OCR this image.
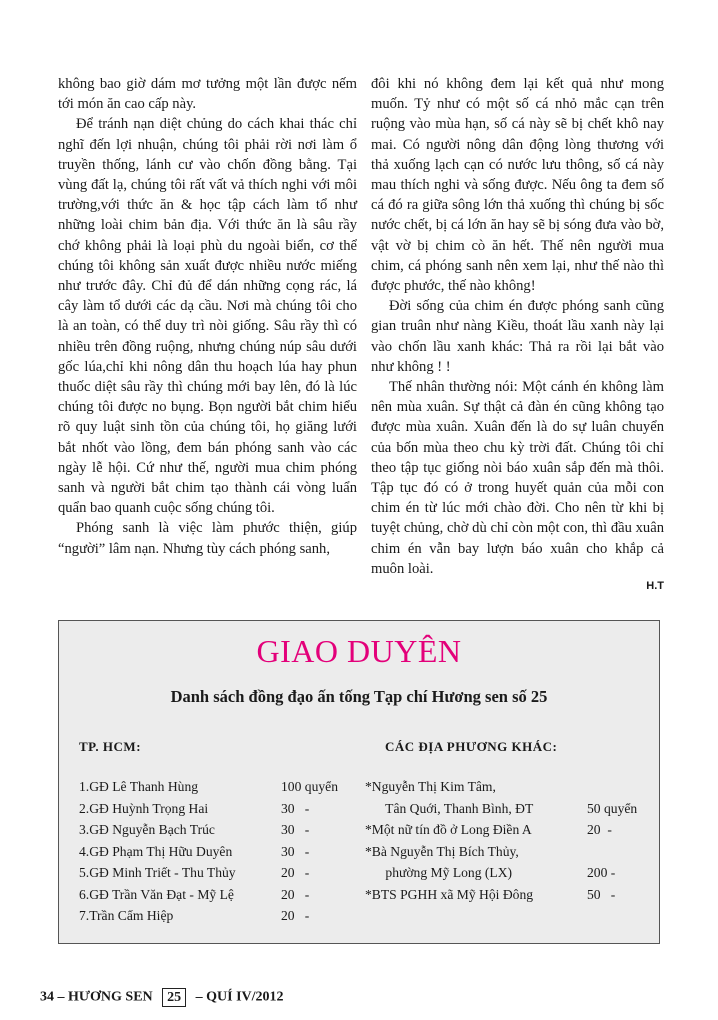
không bao giờ dám mơ tưởng một lần được nếm tới món ăn cao cấp này.

Để tránh nạn diệt chủng do cách khai thác chỉ nghĩ đến lợi nhuận, chúng tôi phải rời nơi làm ổ truyền thống, lánh cư vào chốn đồng bằng. Tại vùng đất lạ, chúng tôi rất vất vả thích nghi với môi trường,với thức ăn & học tập cách làm tổ như những loài chim bản địa. Với thức ăn là sâu rầy chớ không phải là loại phù du ngoài biển, cơ thể chúng tôi không sản xuất được nhiều nước miếng như trước đây. Chỉ đủ để dán những cọng rác, lá cây làm tổ dưới các dạ cầu. Nơi mà chúng tôi cho là an toàn, có thể duy trì nòi giống. Sâu rầy thì có nhiều trên đồng ruộng, nhưng chúng núp sâu dưới gốc lúa,chỉ khi nông dân thu hoạch lúa hay phun thuốc diệt sâu rầy thì chúng mới bay lên, đó là lúc chúng tôi được no bụng. Bọn người bắt chim hiểu rõ quy luật sinh tồn của chúng tôi, họ giăng lưới bắt nhốt vào lồng, đem bán phóng sanh vào các ngày lễ hội. Cứ như thế, người mua chim phóng sanh và người bắt chim tạo thành cái vòng luẩn quẩn bao quanh cuộc sống chúng tôi.

Phóng sanh là việc làm phước thiện, giúp “người” lâm nạn. Nhưng tùy cách phóng sanh,

đôi khi nó không đem lại kết quả như mong muốn. Tỷ như có một số cá nhỏ mắc cạn trên ruộng vào mùa hạn, số cá này sẽ bị chết khô nay mai. Có người nông dân động lòng thương với thả xuống lạch cạn có nước lưu thông, số cá này mau thích nghi và sống được. Nếu ông ta đem số cá đó ra giữa sông lớn thả xuống thì chúng bị sốc nước chết, bị cá lớn ăn hay sẽ bị sóng đưa vào bờ, vật vờ bị chim cò ăn hết. Thế nên người mua chim, cá phóng sanh nên xem lại, như thế nào thì được phước, thế nào không!

Đời sống của chim én được phóng sanh cũng gian truân như nàng Kiều, thoát lầu xanh này lại vào chốn lầu xanh khác: Thả ra rồi lại bắt vào như không ! !

Thế nhân thường nói: Một cánh én không làm nên mùa xuân. Sự thật cả đàn én cũng không tạo được mùa xuân. Xuân đến là do sự luân chuyển của bốn mùa theo chu kỳ trời đất. Chúng tôi chỉ theo tập tục giống nòi báo xuân sắp đến mà thôi. Tập tục đó có ở trong huyết quản của mỗi con chim én từ lúc mới chào đời. Cho nên từ khi bị tuyệt chủng, chờ dù chỉ còn một con, thì đầu xuân chim én vẫn bay lượn báo xuân cho khắp cả muôn loài.

H.T
GIAO DUYÊN
Danh sách đồng đạo ấn tống Tạp chí Hương sen số 25
TP. HCM:	CÁC ĐỊA PHƯƠNG KHÁC:
1.GĐ Lê Thanh Hùng	100 quyển
2.GĐ Huỳnh Trọng Hai	30   -
3.GĐ Nguyễn Bạch Trúc	30   -
4.GĐ Phạm Thị Hữu Duyên	30   -
5.GĐ Minh Triết - Thu Thủy	20   -
6.GĐ Trần Văn Đạt - Mỹ Lệ	20   -
7.Trần Cẩm Hiệp	20   -
*Nguyễn Thị Kim Tâm,
Tân Quới, Thanh Bình, ĐT	50 quyển
*Một nữ tín đồ ở Long Điền A	20  -
*Bà Nguyễn Thị Bích Thủy,
phường Mỹ Long (LX)	200 -
*BTS PGHH xã Mỹ Hội Đông	50   -
34 – HƯƠNG SEN 25 – QUÍ IV/2012
